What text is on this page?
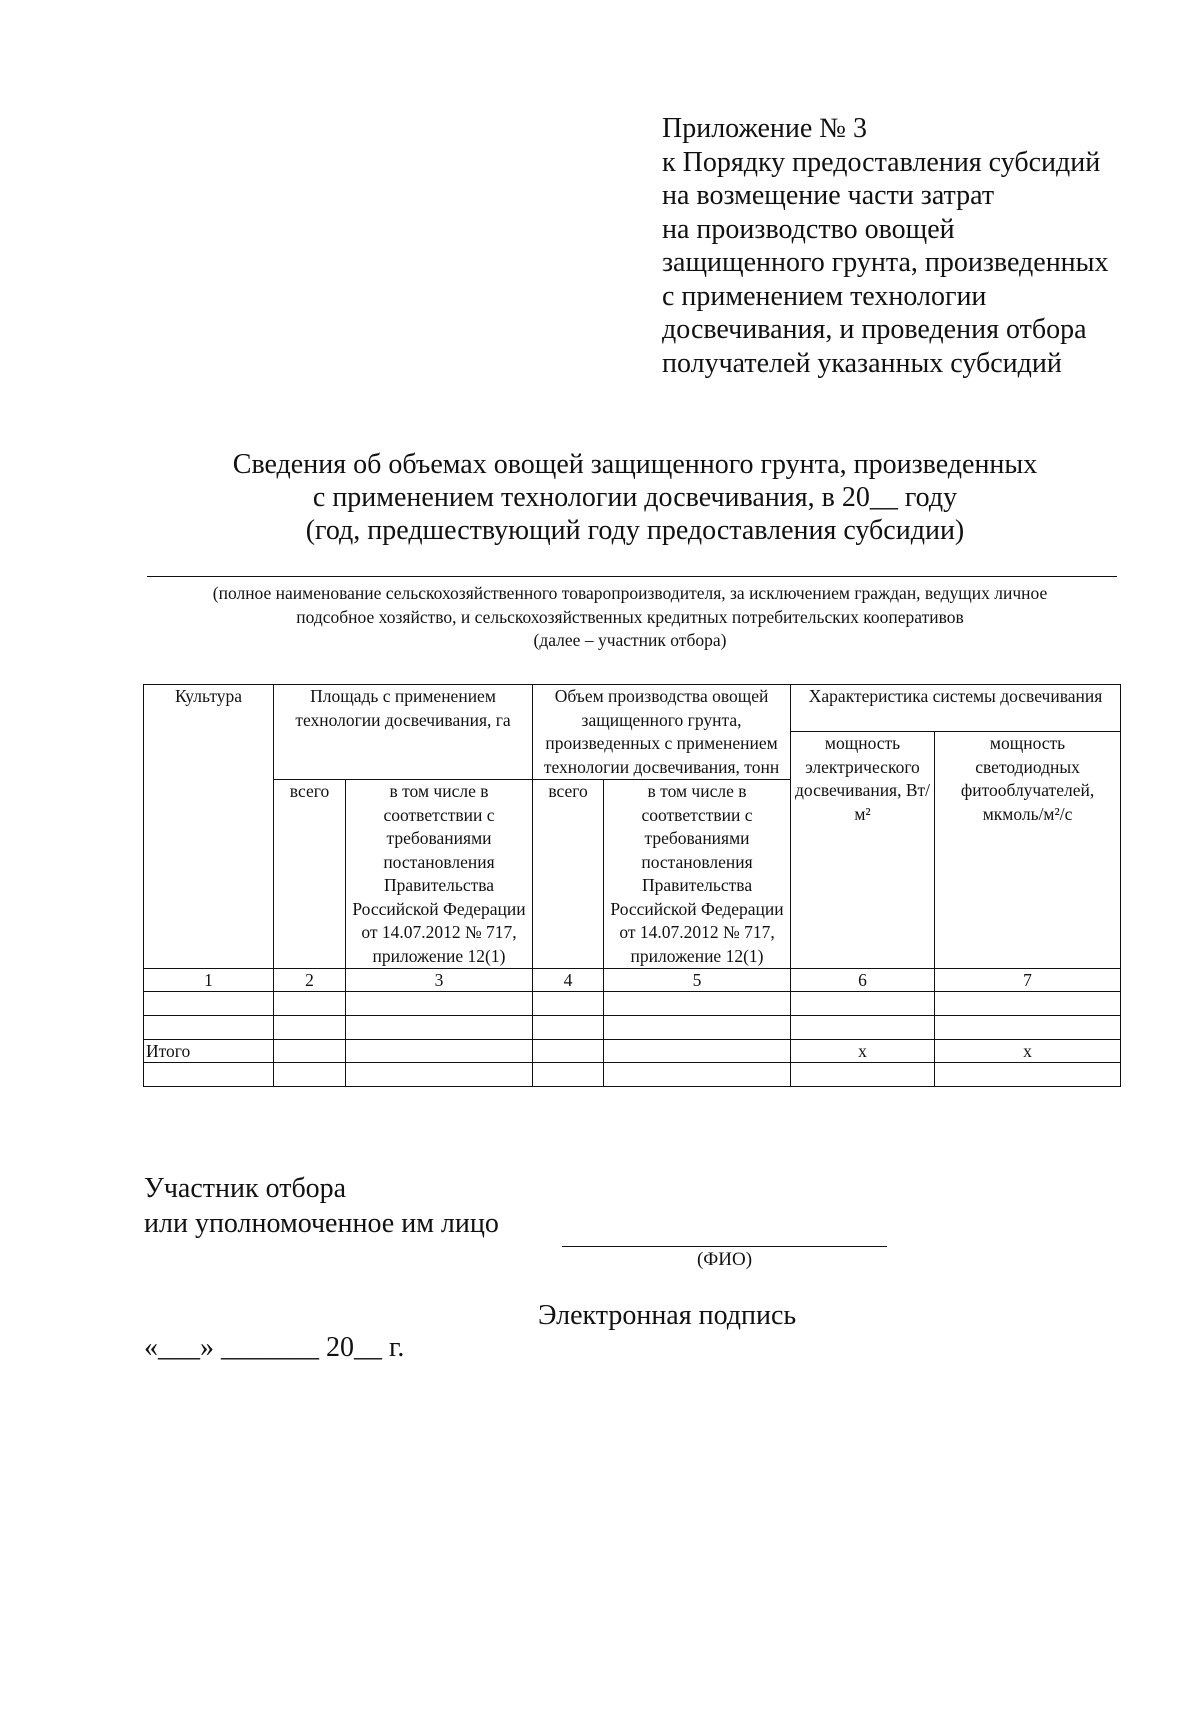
Приложение № 3
к Порядку предоставления субсидий
на возмещение части затрат
на производство овощей
защищенного грунта, произведенных
с применением технологии
досвечивания, и проведения отбора
получателей указанных субсидий
Сведения об объемах овощей защищенного грунта, произведенных
с применением технологии досвечивания, в 20__ году
(год, предшествующий году предоставления субсидии)
(полное наименование сельскохозяйственного товаропроизводителя, за исключением граждан, ведущих личное
подсобное хозяйство, и сельскохозяйственных кредитных потребительских кооперативов
(далее – участник отбора)
Культура	Площадь с применением технологии досвечивания, га		Объем производства овощей защищенного грунта, произведенных с применением технологии досвечивания, тонн		Характеристика системы досвечивания	
					мощность электрического досвечивания, Вт/м²	мощность светодиодных фитооблучателей, мкмоль/м²/с
	всего	в том числе в соответствии с требованиями постановления Правительства Российской Федерации от 14.07.2012 № 717, приложение 12(1)	всего	в том числе в соответствии с требованиями постановления Правительства Российской Федерации от 14.07.2012 № 717, приложение 12(1)		
1	2	3	4	5	6	7

Итого					х	х

Участник отбора
или уполномоченное им лицо
(ФИО)
Электронная подпись
«___» _______ 20__ г.
